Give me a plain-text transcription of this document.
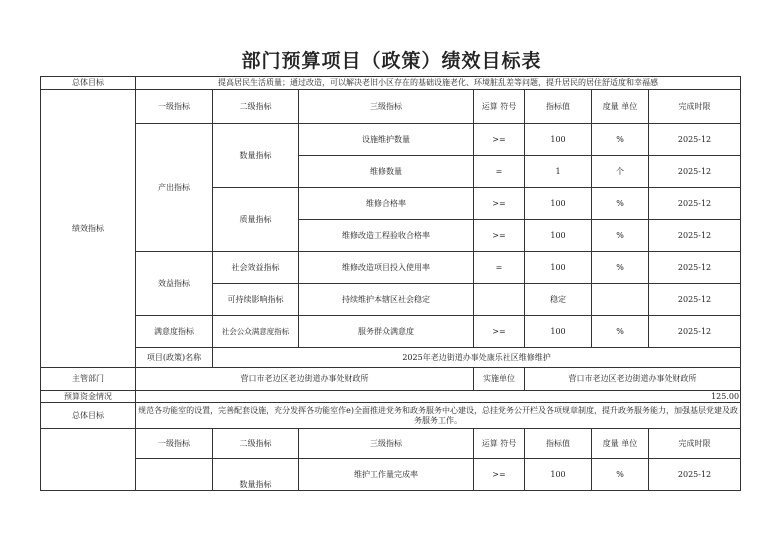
部门预算项目（政策）绩效目标表
总体目标	提高居民生活质量；通过改造，可以解决老旧小区存在的基础设施老化、环境脏乱差等问题，提升居民的居住舒适度和幸福感						
绩效指标	一级指标	二级指标	三级指标	运算 符号	指标值	度量 单位	完成时限
	产出指标	数量指标	设施维护数量	>=	100	%	2025-12
			维修数量	=	1	个	2025-12
		质量指标	维修合格率	>=	100	%	2025-12
			维修改造工程验收合格率	>=	100	%	2025-12
	效益指标	社会效益指标	维修改造项目投入使用率	=	100	%	2025-12
		可持续影响指标	持续维护本辖区社会稳定		稳定		2025-12
	满意度指标	社会公众满意度指标	服务群众满意度	>=	100	%	2025-12
	项目(政策)名称	2025年老边街道办事处康乐社区维修维护					
主管部门	营口市老边区老边街道办事处财政所			实施单位	营口市老边区老边街道办事处财政所		
预算资金情况	125.00						
总体目标	规范各功能室的设置，完善配套设施，充分发挥各功能室作e)全面推进党务和政务服务中心建设，总挂党务公开栏及各项规章制度，提升政务服务能力，加强基层党建及政务服务工作。						
	一级指标	二级指标	三级指标	运算 符号	指标值	度量 单位	完成时限
		数量指标	维护工作量完成率	>=	100	%	2025-12
